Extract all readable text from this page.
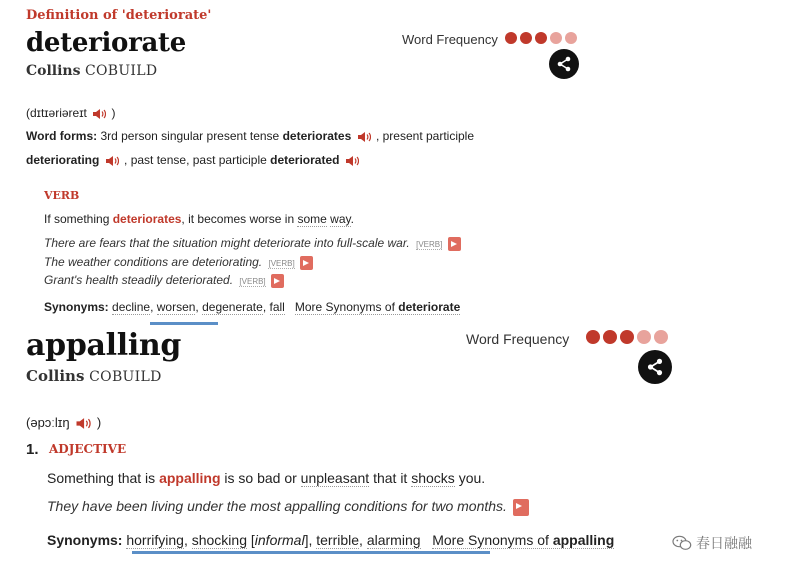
Definition of 'deteriorate'
deteriorate
Collins COBUILD
Word Frequency
(dɪtɪəriəreɪt )
Word forms: 3rd person singular present tense deteriorates , present participle
deteriorating , past tense, past participle deteriorated
VERB
If something deteriorates, it becomes worse in some way.
There are fears that the situation might deteriorate into full-scale war. [VERB]
The weather conditions are deteriorating. [VERB]
Grant's health steadily deteriorated. [VERB]
Synonyms: decline, worsen, degenerate, fall More Synonyms of deteriorate
appalling
Collins COBUILD
Word Frequency
(əpɔːlɪŋ )
1. ADJECTIVE
Something that is appalling is so bad or unpleasant that it shocks you.
They have been living under the most appalling conditions for two months.
Synonyms: horrifying, shocking [informal], terrible, alarming More Synonyms of appalling	春日融融
